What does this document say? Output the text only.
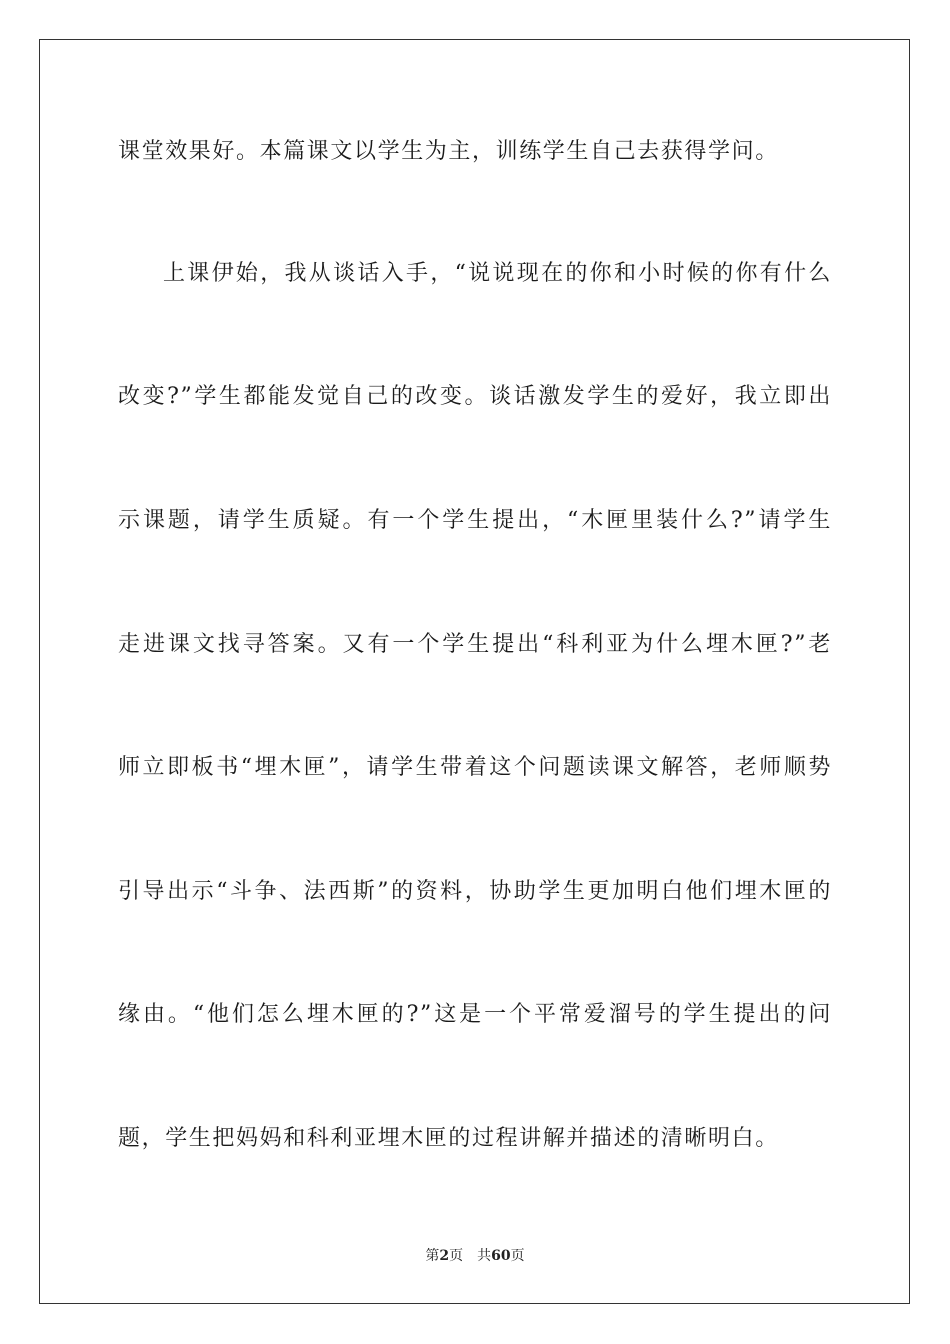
课堂效果好。本篇课文以学生为主，训练学生自己去获得学问。
上课伊始，我从谈话入手，“说说现在的你和小时候的你有什么
改变?”学生都能发觉自己的改变。谈话激发学生的爱好，我立即出
示课题，请学生质疑。有一个学生提出，“木匣里装什么?”请学生
走进课文找寻答案。又有一个学生提出“科利亚为什么埋木匣?”老
师立即板书“埋木匣”，请学生带着这个问题读课文解答，老师顺势
引导出示“斗争、法西斯”的资料，协助学生更加明白他们埋木匣的
缘由。“他们怎么埋木匣的?”这是一个平常爱溜号的学生提出的问
题，学生把妈妈和科利亚埋木匣的过程讲解并描述的清晰明白。
第2页 共60页
